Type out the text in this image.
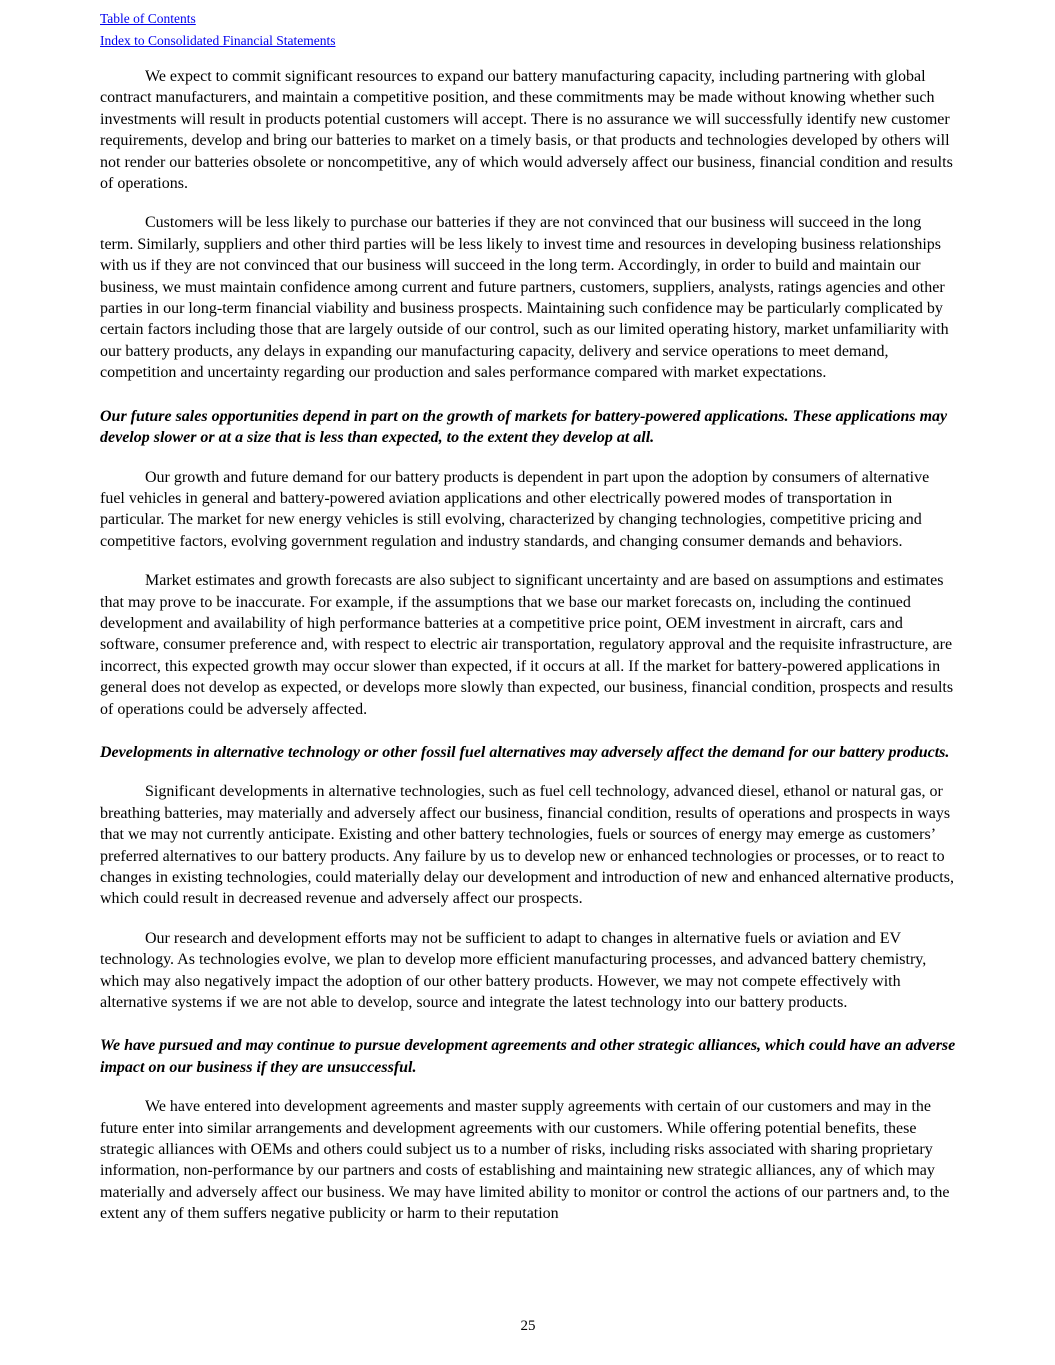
Table of Contents
Index to Consolidated Financial Statements

We expect to commit significant resources to expand our battery manufacturing capacity, including partnering with global contract manufacturers, and maintain a competitive position, and these commitments may be made without knowing whether such investments will result in products potential customers will accept. There is no assurance we will successfully identify new customer requirements, develop and bring our batteries to market on a timely basis, or that products and technologies developed by others will not render our batteries obsolete or noncompetitive, any of which would adversely affect our business, financial condition and results of operations.

Customers will be less likely to purchase our batteries if they are not convinced that our business will succeed in the long term. Similarly, suppliers and other third parties will be less likely to invest time and resources in developing business relationships with us if they are not convinced that our business will succeed in the long term. Accordingly, in order to build and maintain our business, we must maintain confidence among current and future partners, customers, suppliers, analysts, ratings agencies and other parties in our long-term financial viability and business prospects. Maintaining such confidence may be particularly complicated by certain factors including those that are largely outside of our control, such as our limited operating history, market unfamiliarity with our battery products, any delays in expanding our manufacturing capacity, delivery and service operations to meet demand, competition and uncertainty regarding our production and sales performance compared with market expectations.

Our future sales opportunities depend in part on the growth of markets for battery-powered applications. These applications may develop slower or at a size that is less than expected, to the extent they develop at all.

Our growth and future demand for our battery products is dependent in part upon the adoption by consumers of alternative fuel vehicles in general and battery-powered aviation applications and other electrically powered modes of transportation in particular. The market for new energy vehicles is still evolving, characterized by changing technologies, competitive pricing and competitive factors, evolving government regulation and industry standards, and changing consumer demands and behaviors.

Market estimates and growth forecasts are also subject to significant uncertainty and are based on assumptions and estimates that may prove to be inaccurate. For example, if the assumptions that we base our market forecasts on, including the continued development and availability of high performance batteries at a competitive price point, OEM investment in aircraft, cars and software, consumer preference and, with respect to electric air transportation, regulatory approval and the requisite infrastructure, are incorrect, this expected growth may occur slower than expected, if it occurs at all. If the market for battery-powered applications in general does not develop as expected, or develops more slowly than expected, our business, financial condition, prospects and results of operations could be adversely affected.

Developments in alternative technology or other fossil fuel alternatives may adversely affect the demand for our battery products.

Significant developments in alternative technologies, such as fuel cell technology, advanced diesel, ethanol or natural gas, or breathing batteries, may materially and adversely affect our business, financial condition, results of operations and prospects in ways that we may not currently anticipate. Existing and other battery technologies, fuels or sources of energy may emerge as customers’ preferred alternatives to our battery products. Any failure by us to develop new or enhanced technologies or processes, or to react to changes in existing technologies, could materially delay our development and introduction of new and enhanced alternative products, which could result in decreased revenue and adversely affect our prospects.

Our research and development efforts may not be sufficient to adapt to changes in alternative fuels or aviation and EV technology. As technologies evolve, we plan to develop more efficient manufacturing processes, and advanced battery chemistry, which may also negatively impact the adoption of our other battery products. However, we may not compete effectively with alternative systems if we are not able to develop, source and integrate the latest technology into our battery products.

We have pursued and may continue to pursue development agreements and other strategic alliances, which could have an adverse impact on our business if they are unsuccessful.

We have entered into development agreements and master supply agreements with certain of our customers and may in the future enter into similar arrangements and development agreements with our customers. While offering potential benefits, these strategic alliances with OEMs and others could subject us to a number of risks, including risks associated with sharing proprietary information, non-performance by our partners and costs of establishing and maintaining new strategic alliances, any of which may materially and adversely affect our business. We may have limited ability to monitor or control the actions of our partners and, to the extent any of them suffers negative publicity or harm to their reputation

25
